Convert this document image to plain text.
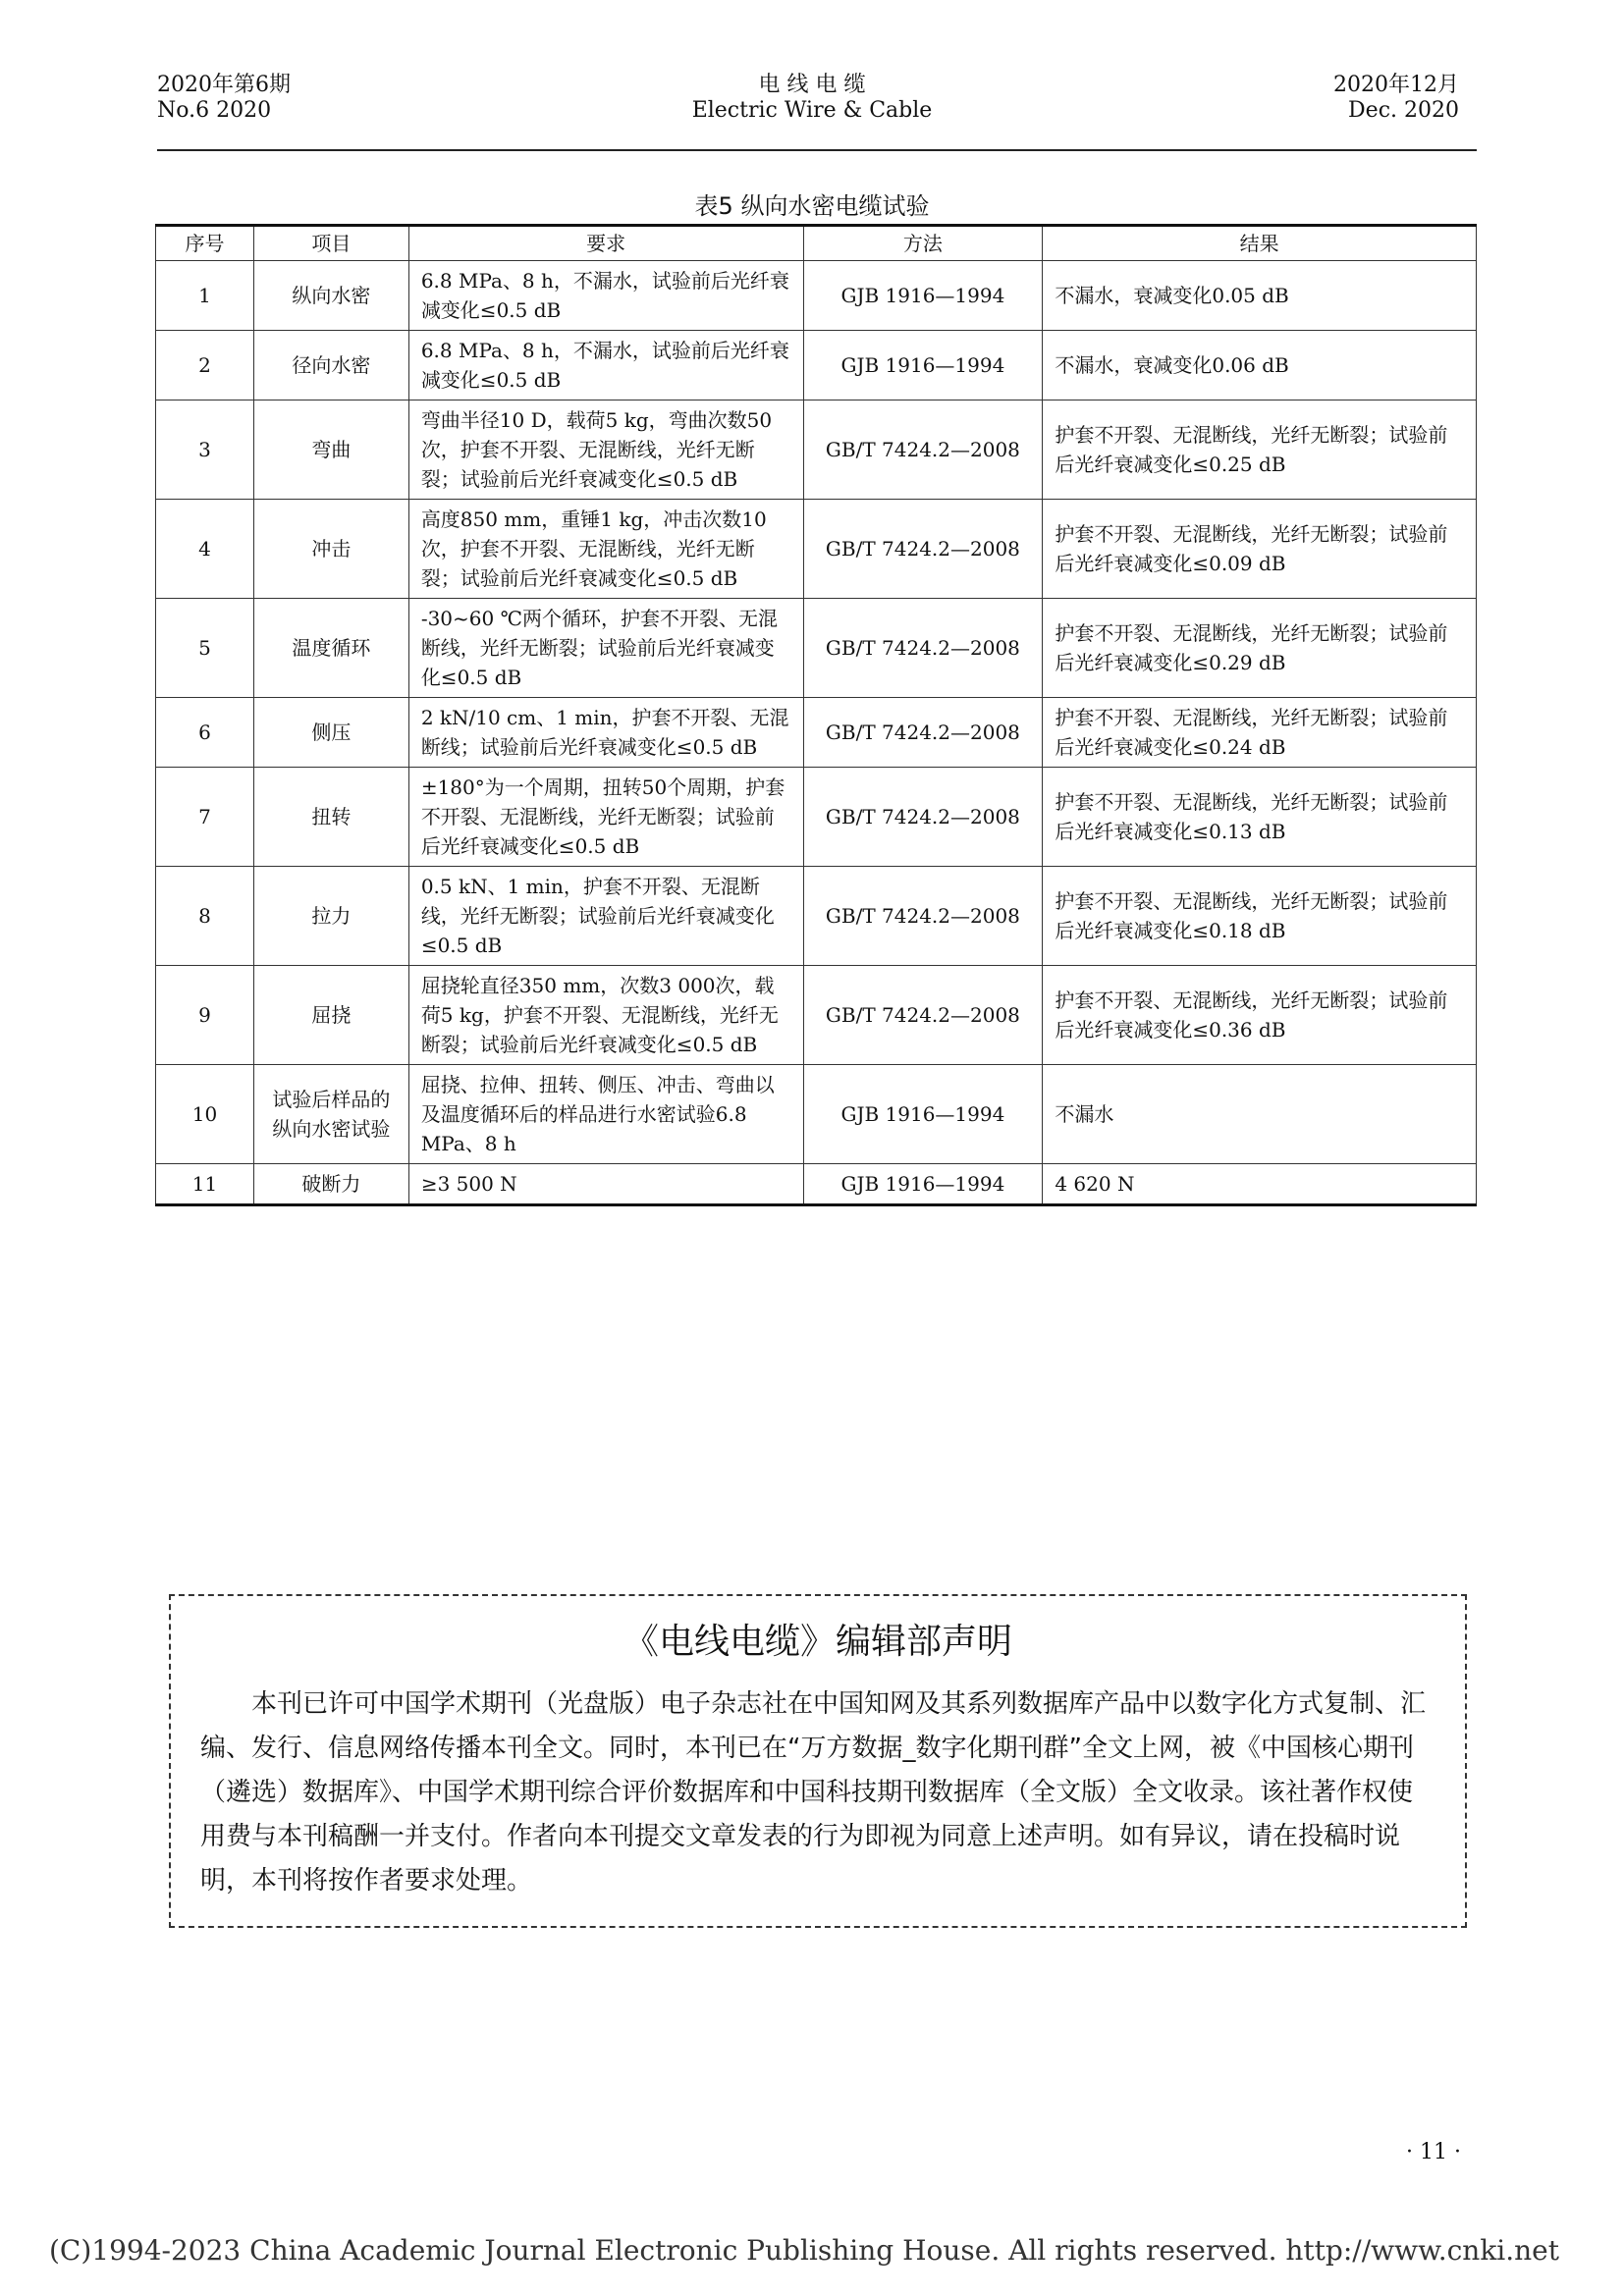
2020年第6期
No.6 2020
电 线 电 缆
Electric Wire & Cable
2020年12月
Dec. 2020
表5 纵向水密电缆试验
序号	项目	要求	方法	结果
1	纵向水密	6.8 MPa、8 h，不漏水，试验前后光纤衰减变化≤0.5 dB	GJB 1916—1994	不漏水，衰减变化0.05 dB
2	径向水密	6.8 MPa、8 h，不漏水，试验前后光纤衰减变化≤0.5 dB	GJB 1916—1994	不漏水，衰减变化0.06 dB
3	弯曲	弯曲半径10 D，载荷5 kg，弯曲次数50次，护套不开裂、无混断线，光纤无断裂；试验前后光纤衰减变化≤0.5 dB	GB/T 7424.2—2008	护套不开裂、无混断线，光纤无断裂；试验前后光纤衰减变化≤0.25 dB
4	冲击	高度850 mm，重锤1 kg，冲击次数10次，护套不开裂、无混断线，光纤无断裂；试验前后光纤衰减变化≤0.5 dB	GB/T 7424.2—2008	护套不开裂、无混断线，光纤无断裂；试验前后光纤衰减变化≤0.09 dB
5	温度循环	-30~60 ℃两个循环，护套不开裂、无混断线，光纤无断裂；试验前后光纤衰减变化≤0.5 dB	GB/T 7424.2—2008	护套不开裂、无混断线，光纤无断裂；试验前后光纤衰减变化≤0.29 dB
6	侧压	2 kN/10 cm、1 min，护套不开裂、无混断线；试验前后光纤衰减变化≤0.5 dB	GB/T 7424.2—2008	护套不开裂、无混断线，光纤无断裂；试验前后光纤衰减变化≤0.24 dB
7	扭转	±180°为一个周期，扭转50个周期，护套不开裂、无混断线，光纤无断裂；试验前后光纤衰减变化≤0.5 dB	GB/T 7424.2—2008	护套不开裂、无混断线，光纤无断裂；试验前后光纤衰减变化≤0.13 dB
8	拉力	0.5 kN、1 min，护套不开裂、无混断线，光纤无断裂；试验前后光纤衰减变化≤0.5 dB	GB/T 7424.2—2008	护套不开裂、无混断线，光纤无断裂；试验前后光纤衰减变化≤0.18 dB
9	屈挠	屈挠轮直径350 mm，次数3 000次，载荷5 kg，护套不开裂、无混断线，光纤无断裂；试验前后光纤衰减变化≤0.5 dB	GB/T 7424.2—2008	护套不开裂、无混断线，光纤无断裂；试验前后光纤衰减变化≤0.36 dB
10	试验后样品的纵向水密试验	屈挠、拉伸、扭转、侧压、冲击、弯曲以及温度循环后的样品进行水密试验6.8 MPa、8 h	GJB 1916—1994	不漏水
11	破断力	≥3 500 N	GJB 1916—1994	4 620 N
《电线电缆》编辑部声明
本刊已许可中国学术期刊（光盘版）电子杂志社在中国知网及其系列数据库产品中以数字化方式复制、汇编、发行、信息网络传播本刊全文。同时，本刊已在“万方数据_数字化期刊群”全文上网，被《中国核心期刊（遴选）数据库》、中国学术期刊综合评价数据库和中国科技期刊数据库（全文版）全文收录。该社著作权使用费与本刊稿酬一并支付。作者向本刊提交文章发表的行为即视为同意上述声明。如有异议，请在投稿时说明，本刊将按作者要求处理。
· 11 ·
(C)1994-2023 China Academic Journal Electronic Publishing House. All rights reserved. http://www.cnki.net
